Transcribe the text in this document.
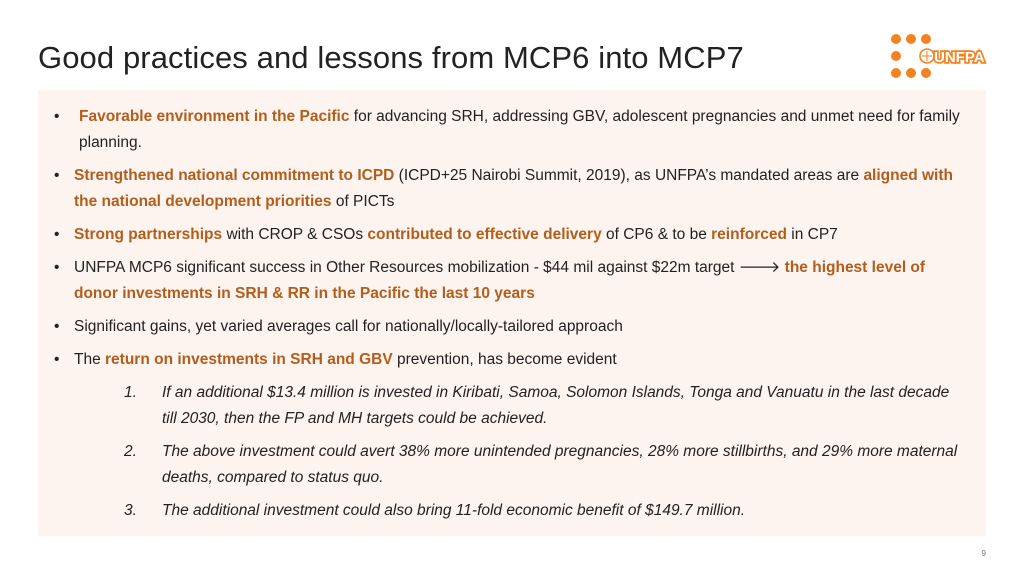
Good practices and lessons from MCP6 into MCP7	UNFPA
• Favorable environment in the Pacific for advancing SRH, addressing GBV, adolescent pregnancies and unmet need for family planning.
• Strengthened national commitment to ICPD (ICPD+25 Nairobi Summit, 2019), as UNFPA’s mandated areas are aligned with the national development priorities of PICTs
• Strong partnerships with CROP & CSOs contributed to effective delivery of CP6 & to be reinforced in CP7
• UNFPA MCP6 significant success in Other Resources mobilization - $44 mil against $22m target 🡒 the highest level of donor investments in SRH & RR in the Pacific the last 10 years
• Significant gains, yet varied averages call for nationally/locally-tailored approach
• The return on investments in SRH and GBV prevention, has become evident
1. If an additional $13.4 million is invested in Kiribati, Samoa, Solomon Islands, Tonga and Vanuatu in the last decade till 2030, then the FP and MH targets could be achieved.
2. The above investment could avert 38% more unintended pregnancies, 28% more stillbirths, and 29% more maternal deaths, compared to status quo.
3. The additional investment could also bring 11-fold economic benefit of $149.7 million.
9
